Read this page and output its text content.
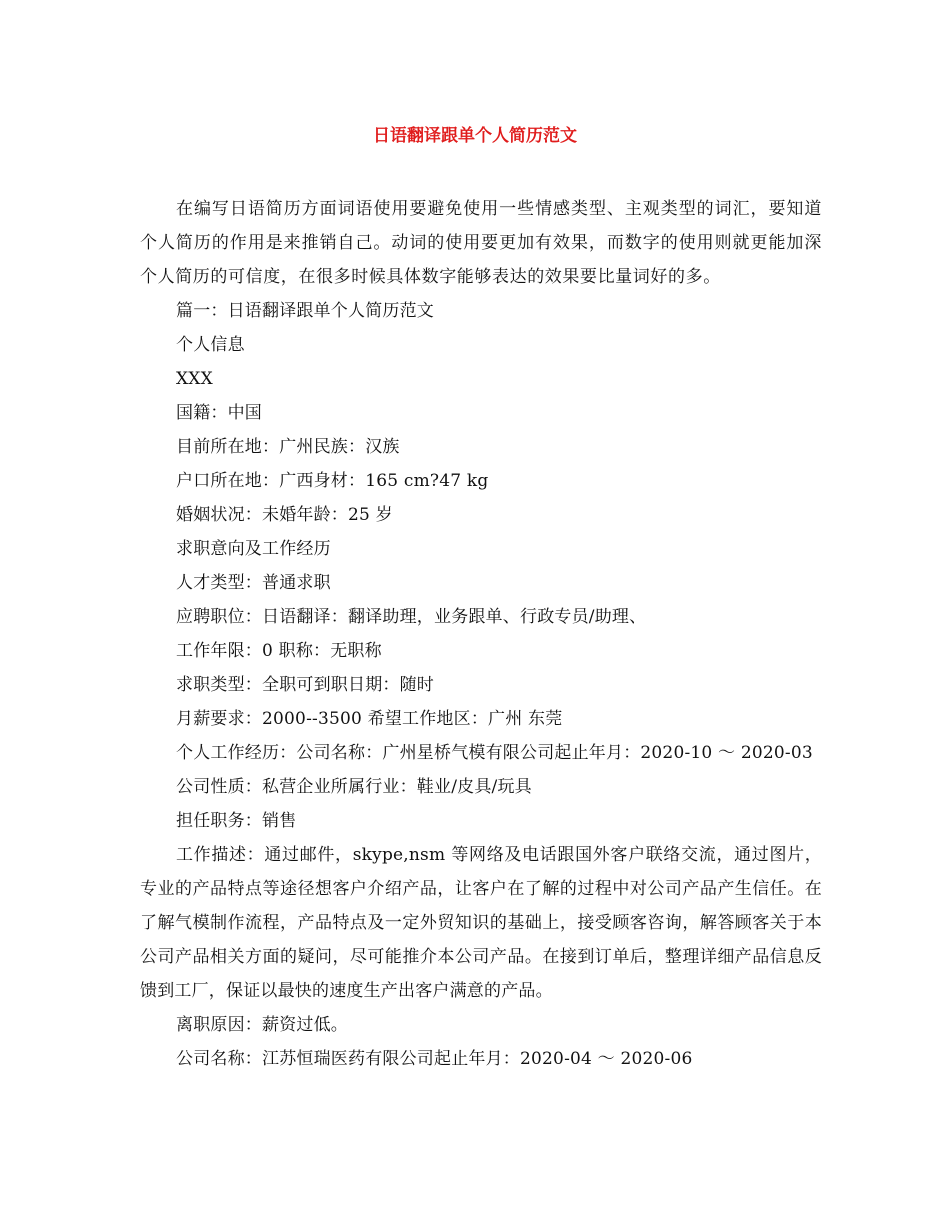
日语翻译跟单个人简历范文

在编写日语简历方面词语使用要避免使用一些情感类型、主观类型的词汇，要知道个人简历的作用是来推销自己。动词的使用要更加有效果，而数字的使用则就更能加深个人简历的可信度，在很多时候具体数字能够表达的效果要比量词好的多。

篇一：日语翻译跟单个人简历范文

个人信息

XXX

国籍：中国

目前所在地：广州民族：汉族

户口所在地：广西身材：165 cm?47 kg

婚姻状况：未婚年龄：25 岁

求职意向及工作经历

人才类型：普通求职

应聘职位：日语翻译：翻译助理，业务跟单、行政专员/助理、

工作年限：0 职称：无职称

求职类型：全职可到职日期：随时

月薪要求：2000--3500 希望工作地区：广州 东莞

个人工作经历：公司名称：广州星桥气模有限公司起止年月：2020-10 ～ 2020-03

公司性质：私营企业所属行业：鞋业/皮具/玩具

担任职务：销售

工作描述：通过邮件，skype,nsm 等网络及电话跟国外客户联络交流，通过图片，专业的产品特点等途径想客户介绍产品，让客户在了解的过程中对公司产品产生信任。在了解气模制作流程，产品特点及一定外贸知识的基础上，接受顾客咨询，解答顾客关于本公司产品相关方面的疑问，尽可能推介本公司产品。在接到订单后，整理详细产品信息反馈到工厂，保证以最快的速度生产出客户满意的产品。

离职原因：薪资过低。

公司名称：江苏恒瑞医药有限公司起止年月：2020-04 ～ 2020-06
